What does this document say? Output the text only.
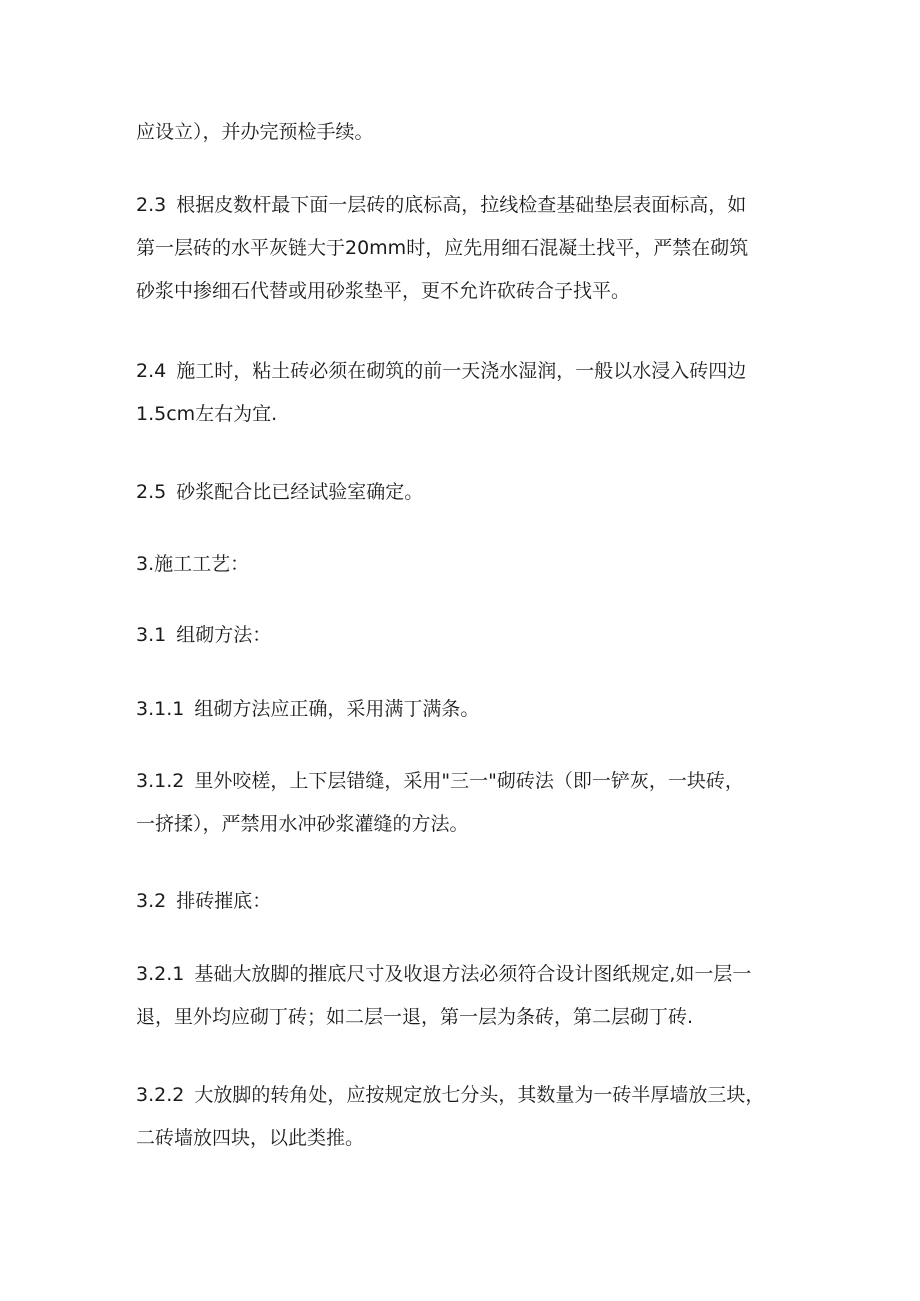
应设立），并办完预检手续。

2.3 根据皮数杆最下面一层砖的底标高，拉线检查基础垫层表面标高，如
第一层砖的水平灰链大于20mm时，应先用细石混凝土找平，严禁在砌筑
砂浆中掺细石代替或用砂浆垫平，更不允许砍砖合子找平。

2.4 施工时，粘土砖必须在砌筑的前一天浇水湿润，一般以水浸入砖四边
1.5cm左右为宜.

2.5 砂浆配合比已经试验室确定。

3.施工工艺：

3.1 组砌方法：

3.1.1 组砌方法应正确，采用满丁满条。

3.1.2 里外咬槎，上下层错缝，采用"三一"砌砖法（即一铲灰，一块砖，
一挤揉），严禁用水冲砂浆灌缝的方法。

3.2 排砖摧底：

3.2.1 基础大放脚的摧底尺寸及收退方法必须符合设计图纸规定,如一层一
退，里外均应砌丁砖；如二层一退，第一层为条砖，第二层砌丁砖.

3.2.2 大放脚的转角处，应按规定放七分头，其数量为一砖半厚墙放三块，
二砖墙放四块，以此类推。
